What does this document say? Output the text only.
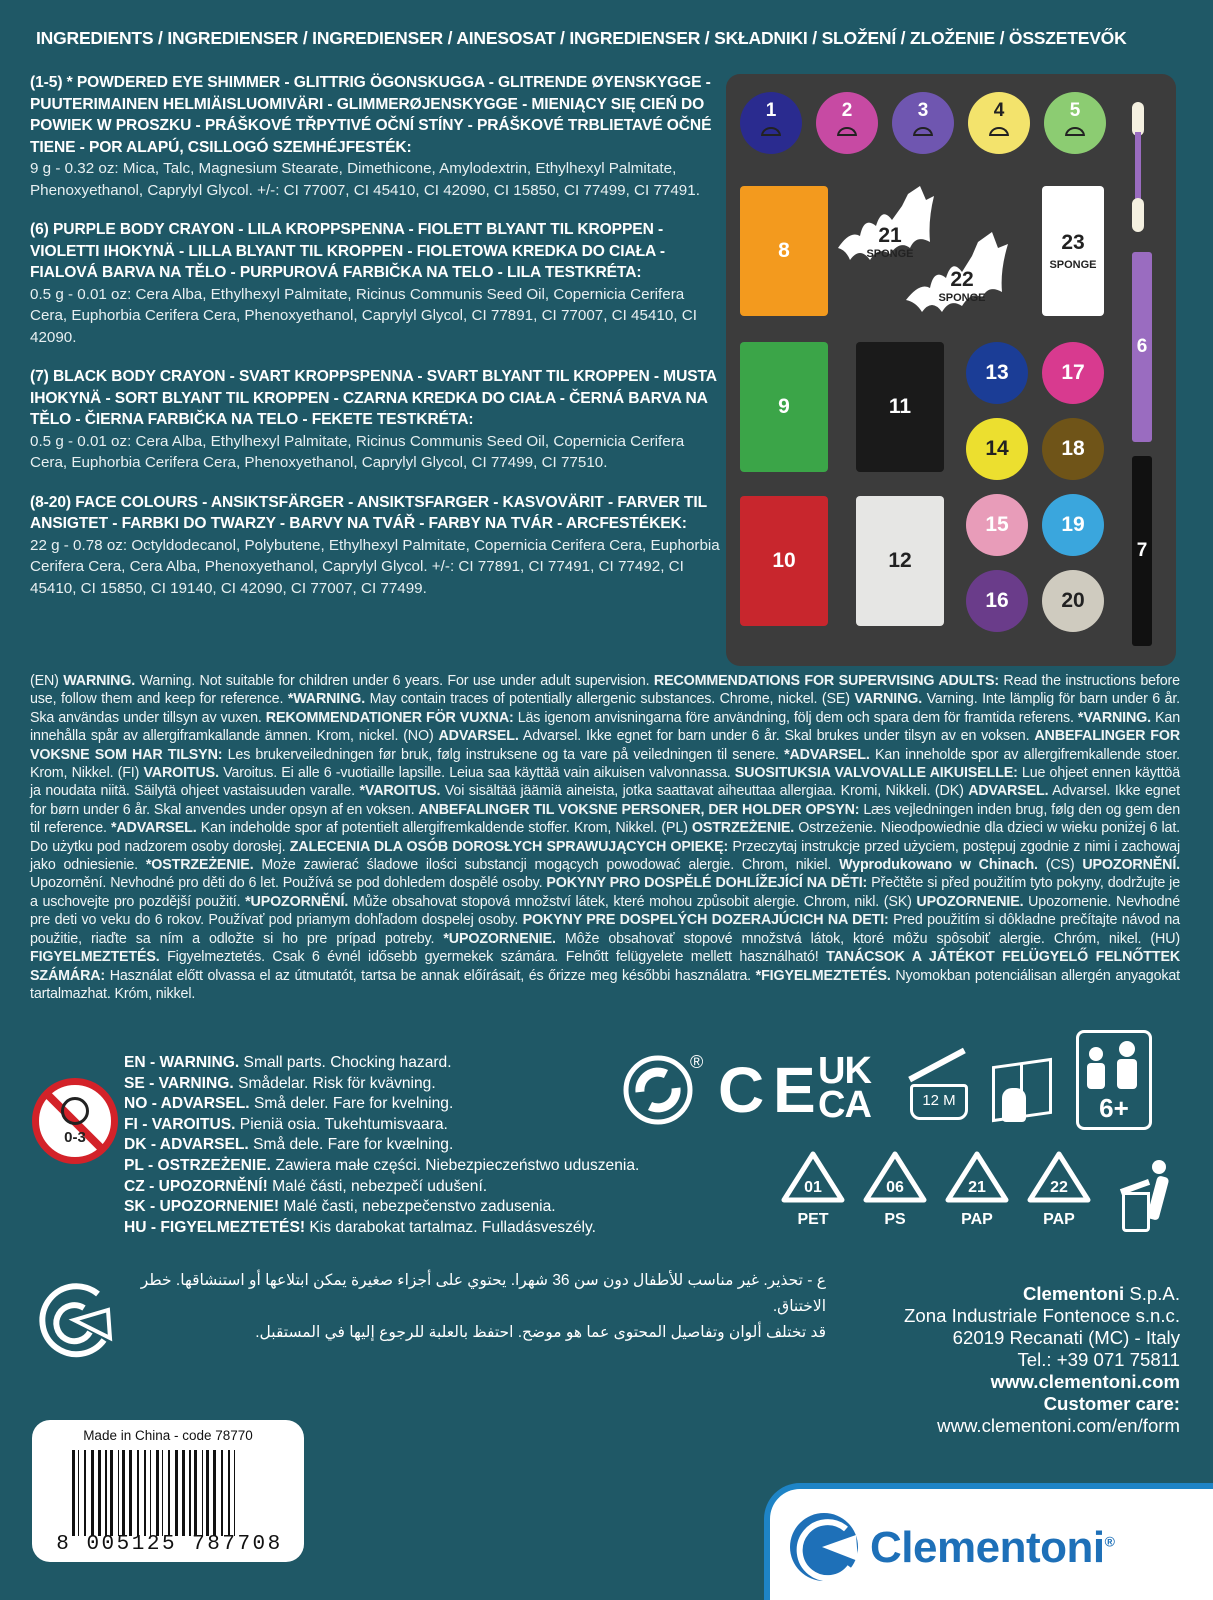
INGREDIENTS / INGREDIENSER / INGREDIENSER / AINESOSAT / INGREDIENSER / SKŁADNIKI / SLOŽENÍ / ZLOŽENIE / ÖSSZETEVŐK
(1-5) * POWDERED EYE SHIMMER - GLITTRIG ÖGONSKUGGA - GLITRENDE ØYENSKYGGE - PUUTERIMAINEN HELMIÄISLUOMIVÄRI - GLIMMERØJENSKYGGE - MIENIĄCY SIĘ CIEŃ DO POWIEK W PROSZKU - PRÁŠKOVÉ TŘPYTIVÉ OČNÍ STÍNY - PRÁŠKOVÉ TRBLIETAVÉ OČNÉ TIENE - POR ALAPÚ, CSILLOGÓ SZEMHÉJFESTÉK:
9 g - 0.32 oz: Mica, Talc, Magnesium Stearate, Dimethicone, Amylodextrin, Ethylhexyl Palmitate, Phenoxyethanol, Caprylyl Glycol. +/-: CI 77007, CI 45410, CI 42090, CI 15850, CI 77499, CI 77491.
(6) PURPLE BODY CRAYON - LILA KROPPSPENNA - FIOLETT BLYANT TIL KROPPEN - VIOLETTI IHOKYNÄ - LILLA BLYANT TIL KROPPEN - FIOLETOWA KREDKA DO CIAŁA - FIALOVÁ BARVA NA TĚLO - PURPUROVÁ FARBIČKA NA TELO - LILA TESTKRÉTA:
0.5 g - 0.01 oz: Cera Alba, Ethylhexyl Palmitate, Ricinus Communis Seed Oil, Copernicia Cerifera Cera, Euphorbia Cerifera Cera, Phenoxyethanol, Caprylyl Glycol, CI 77891, CI 77007, CI 45410, CI 42090.
(7) BLACK BODY CRAYON - SVART KROPPSPENNA - SVART BLYANT TIL KROPPEN - MUSTA IHOKYNÄ - SORT BLYANT TIL KROPPEN - CZARNA KREDKA DO CIAŁA - ČERNÁ BARVA NA TĚLO - ČIERNA FARBIČKA NA TELO - FEKETE TESTKRÉTA:
0.5 g - 0.01 oz: Cera Alba, Ethylhexyl Palmitate, Ricinus Communis Seed Oil, Copernicia Cerifera Cera, Euphorbia Cerifera Cera, Phenoxyethanol, Caprylyl Glycol, CI 77499, CI 77510.
(8-20) FACE COLOURS - ANSIKTSFÄRGER - ANSIKTSFARGER - KASVOVÄRIT - FARVER TIL ANSIGTET - FARBKI DO TWARZY - BARVY NA TVÁŘ - FARBY NA TVÁR - ARCFESTÉKEK:
22 g - 0.78 oz: Octyldodecanol, Polybutene, Ethylhexyl Palmitate, Copernicia Cerifera Cera, Euphorbia Cerifera Cera, Cera Alba, Phenoxyethanol, Caprylyl Glycol. +/-: CI 77891, CI 77491, CI 77492, CI 45410, CI 15850, CI 19140, CI 42090, CI 77007, CI 77499.
1	2	3	4	5
21
SPONGE
22
SPONGE
23
SPONGE
8
9
10
11
12
13	17
14	18
15	19
16	20
6
7
(EN) WARNING. Warning. Not suitable for children under 6 years. For use under adult supervision. RECOMMENDATIONS FOR SUPERVISING ADULTS: Read the instructions before use, follow them and keep for reference. *WARNING. May contain traces of potentially allergenic substances. Chrome, nickel. (SE) VARNING. Varning. Inte lämplig för barn under 6 år. Ska användas under tillsyn av vuxen. REKOMMENDATIONER FÖR VUXNA: Läs igenom anvisningarna före användning, följ dem och spara dem för framtida referens. *VARNING. Kan innehålla spår av allergiframkallande ämnen. Krom, nickel. (NO) ADVARSEL. Advarsel. Ikke egnet for barn under 6 år. Skal brukes under tilsyn av en voksen. ANBEFALINGER FOR VOKSNE SOM HAR TILSYN: Les brukerveiledningen før bruk, følg instruksene og ta vare på veiledningen til senere. *ADVARSEL. Kan inneholde spor av allergifremkallende stoer. Krom, Nikkel. (FI) VAROITUS. Varoitus. Ei alle 6 -vuotiaille lapsille. Leiua saa käyttää vain aikuisen valvonnassa. SUOSITUKSIA VALVOVALLE AIKUISELLE: Lue ohjeet ennen käyttöä ja noudata niitä. Säilytä ohjeet vastaisuuden varalle. *VAROITUS. Voi sisältää jäämiä aineista, jotka saattavat aiheuttaa allergiaa. Kromi, Nikkeli. (DK) ADVARSEL. Advarsel. Ikke egnet for børn under 6 år. Skal anvendes under opsyn af en voksen. ANBEFALINGER TIL VOKSNE PERSONER, DER HOLDER OPSYN: Læs vejledningen inden brug, følg den og gem den til reference. *ADVARSEL. Kan indeholde spor af potentielt allergifremkaldende stoffer. Krom, Nikkel. (PL) OSTRZEŻENIE. Ostrzeżenie. Nieodpowiednie dla dzieci w wieku poniżej 6 lat. Do użytku pod nadzorem osoby dorosłej. ZALECENIA DLA OSÓB DOROSŁYCH SPRAWUJĄCYCH OPIEKĘ: Przeczytaj instrukcje przed użyciem, postępuj zgodnie z nimi i zachowaj jako odniesienie. *OSTRZEŻENIE. Może zawierać śladowe ilości substancji mogących powodować alergie. Chrom, nikiel. Wyprodukowano w Chinach. (CS) UPOZORNĚNÍ. Upozornění. Nevhodné pro děti do 6 let. Používá se pod dohledem dospělé osoby. POKYNY PRO DOSPĚLÉ DOHLÍŽEJÍCÍ NA DĚTI: Přečtěte si před použitím tyto pokyny, dodržujte je a uschovejte pro pozdější použití. *UPOZORNĚNÍ. Může obsahovat stopová množství látek, které mohou způsobit alergie. Chrom, nikl. (SK) UPOZORNENIE. Upozornenie. Nevhodné pre deti vo veku do 6 rokov. Používať pod priamym dohľadom dospelej osoby. POKYNY PRE DOSPELÝCH DOZERAJÚCICH NA DETI: Pred použitím si dôkladne prečítajte návod na použitie, riaďte sa ním a odložte si ho pre prípad potreby. *UPOZORNENIE. Môže obsahovať stopové množstvá látok, ktoré môžu spôsobiť alergie. Chróm, nikel. (HU) FIGYELMEZTETÉS. Figyelmeztetés. Csak 6 évnél idősebb gyermekek számára. Felnőtt felügyelete mellett használható! TANÁCSOK A JÁTÉKOT FELÜGYELŐ FELNŐTTEK SZÁMÁRA: Használat előtt olvassa el az útmutatót, tartsa be annak előírásait, és őrizze meg későbbi használatra. *FIGYELMEZTETÉS. Nyomokban potenciálisan allergén anyagokat tartalmazhat. Króm, nikkel.
0-3
EN - WARNING. Small parts. Chocking hazard.
SE - VARNING. Smådelar. Risk för kvävning.
NO - ADVARSEL. Små deler. Fare for kvelning.
FI - VAROITUS. Pieniä osia. Tukehtumisvaara.
DK - ADVARSEL. Små dele. Fare for kvælning.
PL - OSTRZEŻENIE. Zawiera małe części. Niebezpieczeństwo uduszenia.
CZ - UPOZORNĚNÍ! Malé části, nebezpečí udušení.
SK - UPOZORNENIE! Malé časti, nebezpečenstvo zadusenia.
HU - FIGYELMEZTETÉS! Kis darabokat tartalmaz. Fulladásveszély.
® C E UK
CA	12 M	6+
01
PET
06
PS
21
PAP
22
PAP
ع - تحذير. غير مناسب للأطفال دون سن 36 شهرا. يحتوي على أجزاء صغيرة يمكن ابتلاعها أو استنشاقها. خطر الاختناق.
قد تختلف ألوان وتفاصيل المحتوى عما هو موضح. احتفظ بالعلبة للرجوع إليها في المستقبل.
Clementoni S.p.A.
Zona Industriale Fontenoce s.n.c.
62019 Recanati (MC) - Italy
Tel.: +39 071 75811
www.clementoni.com
Customer care:
www.clementoni.com/en/form
Made in China - code 78770
8 005125 787708	Clementoni®
